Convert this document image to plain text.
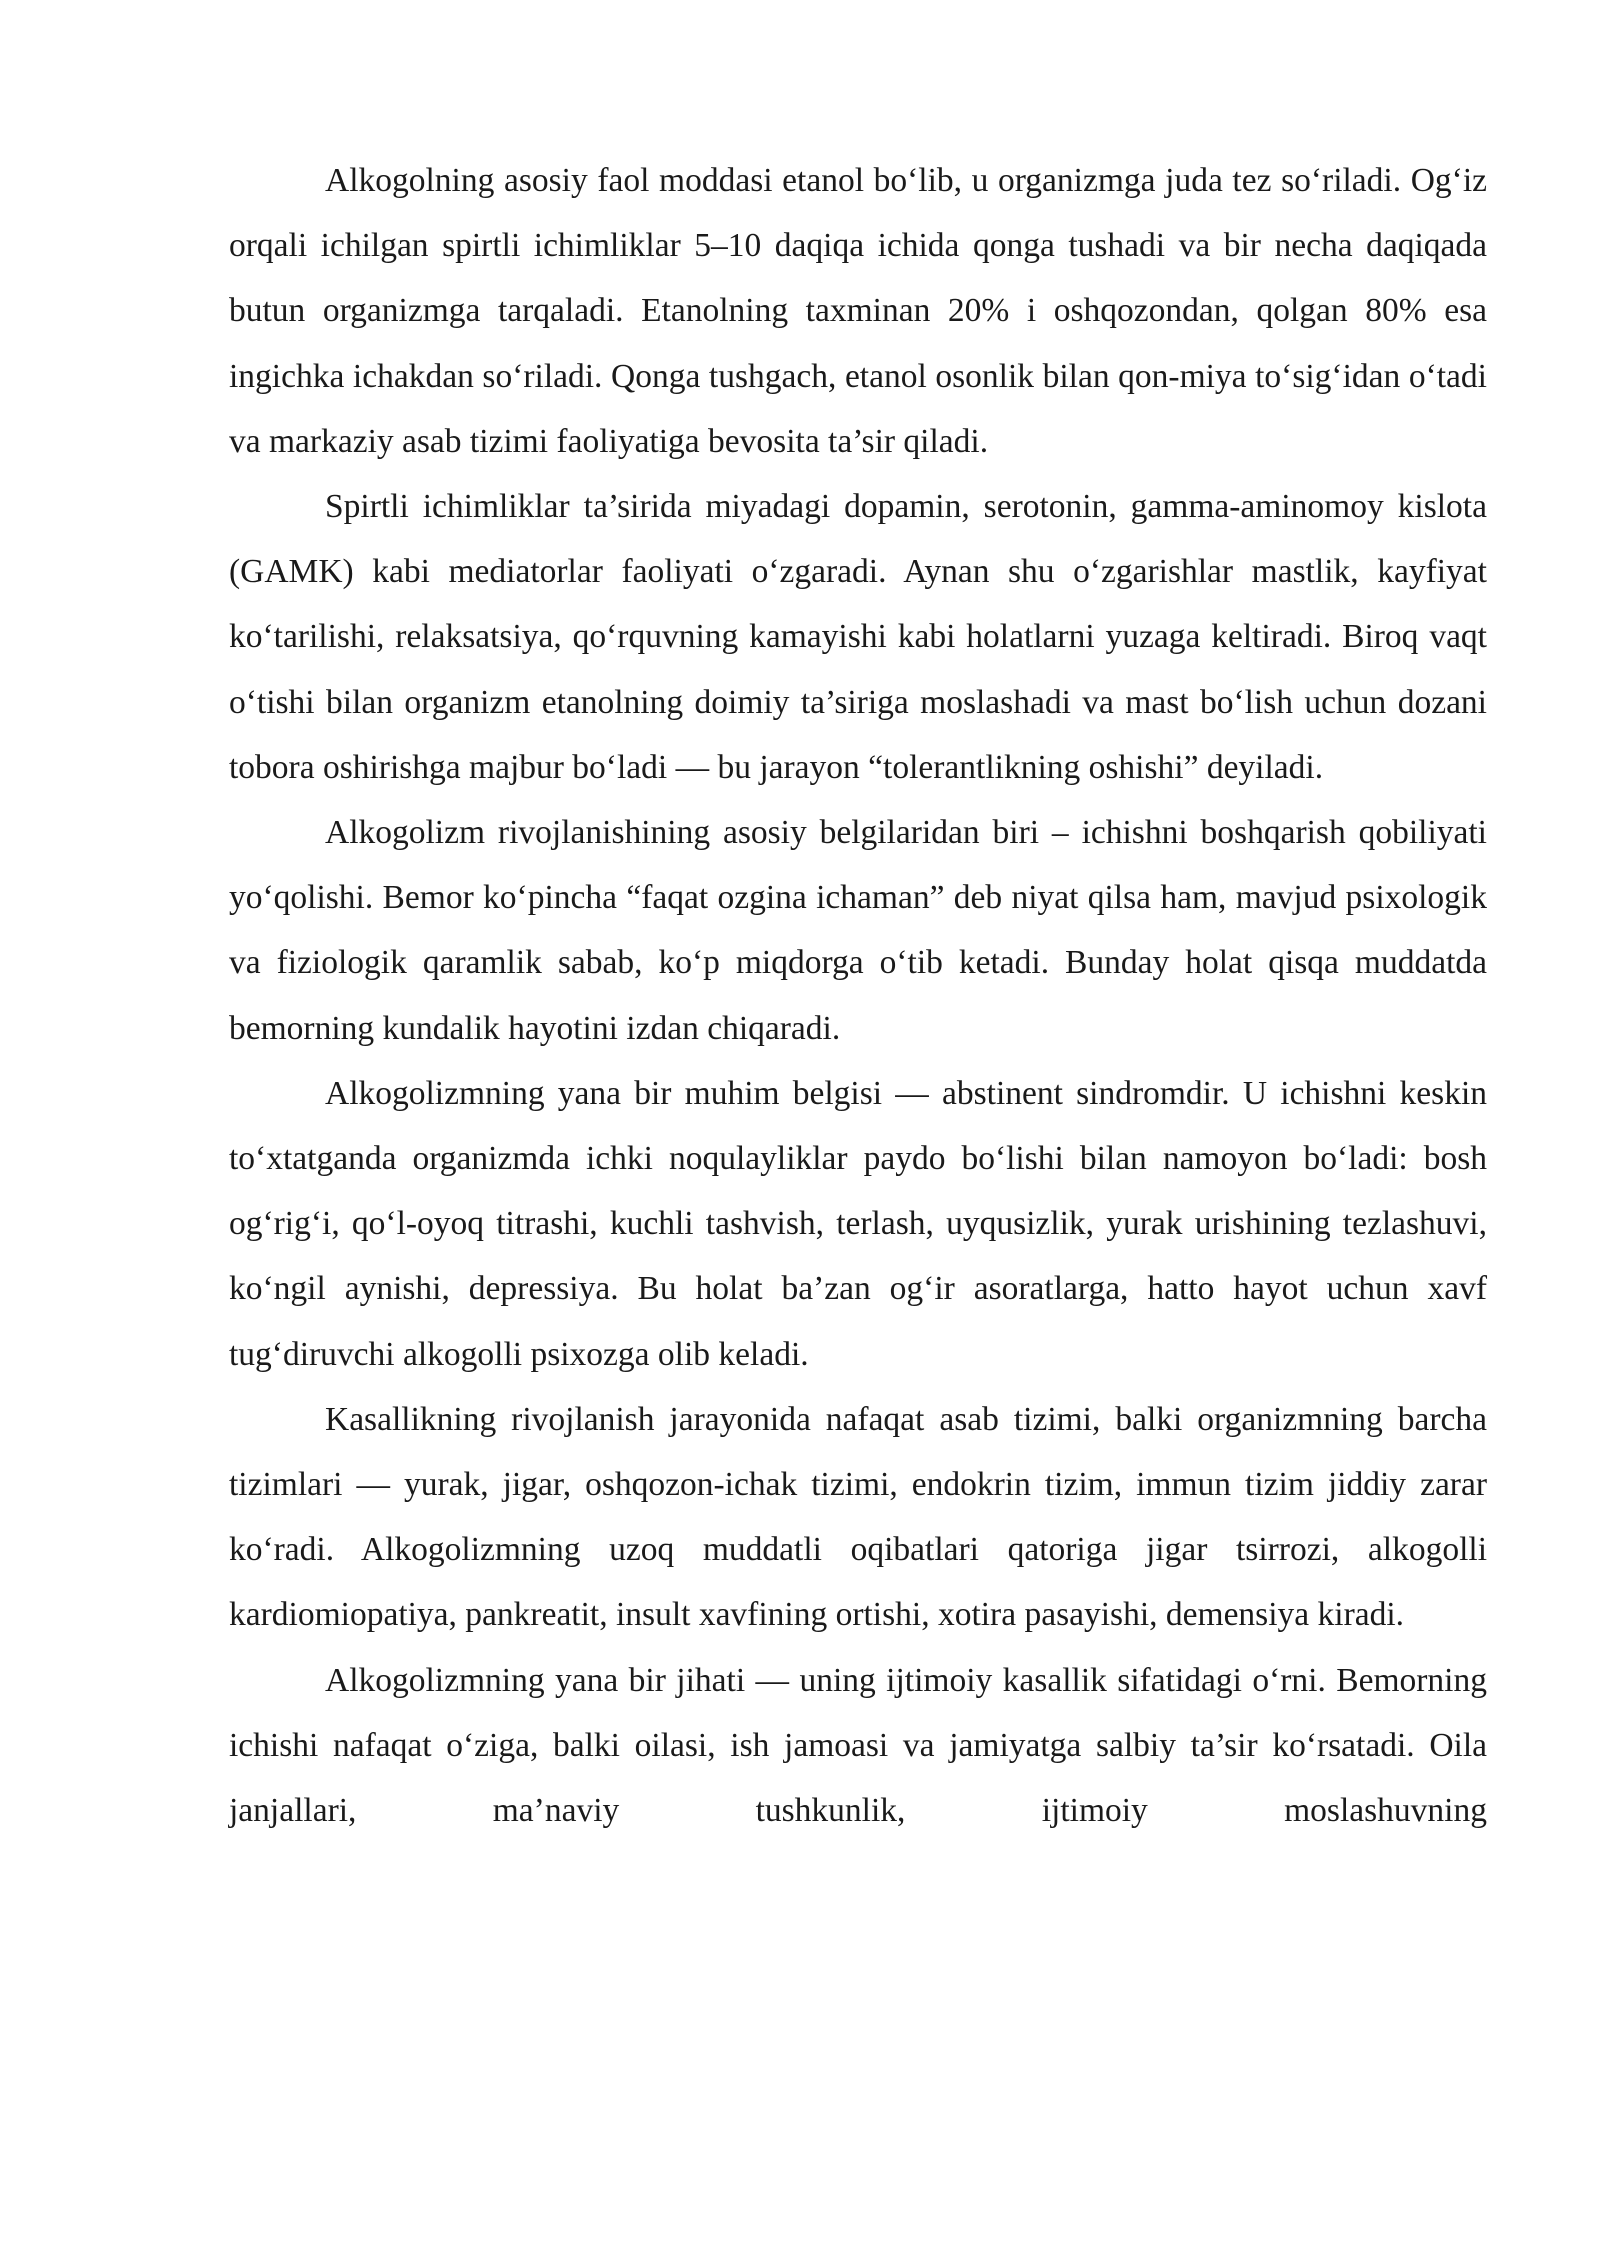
Alkogolning asosiy faol moddasi etanol bo‘lib, u organizmga juda tez so‘riladi. Og‘iz orqali ichilgan spirtli ichimliklar 5–10 daqiqa ichida qonga tushadi va bir necha daqiqada butun organizmga tarqaladi. Etanolning taxminan 20% i oshqozondan, qolgan 80% esa ingichka ichakdan so‘riladi. Qonga tushgach, etanol osonlik bilan qon-miya to‘sig‘idan o‘tadi va markaziy asab tizimi faoliyatiga bevosita ta’sir qiladi.

Spirtli ichimliklar ta’sirida miyadagi dopamin, serotonin, gamma-aminomoy kislota (GAMK) kabi mediatorlar faoliyati o‘zgaradi. Aynan shu o‘zgarishlar mastlik, kayfiyat ko‘tarilishi, relaksatsiya, qo‘rquvning kamayishi kabi holatlarni yuzaga keltiradi. Biroq vaqt o‘tishi bilan organizm etanolning doimiy ta’siriga moslashadi va mast bo‘lish uchun dozani tobora oshirishga majbur bo‘ladi — bu jarayon “tolerantlikning oshishi” deyiladi.

Alkogolizm rivojlanishining asosiy belgilaridan biri – ichishni boshqarish qobiliyati yo‘qolishi. Bemor ko‘pincha “faqat ozgina ichaman” deb niyat qilsa ham, mavjud psixologik va fiziologik qaramlik sabab, ko‘p miqdorga o‘tib ketadi. Bunday holat qisqa muddatda bemorning kundalik hayotini izdan chiqaradi.

Alkogolizmning yana bir muhim belgisi — abstinent sindromdir. U ichishni keskin to‘xtatganda organizmda ichki noqulayliklar paydo bo‘lishi bilan namoyon bo‘ladi: bosh og‘rig‘i, qo‘l-oyoq titrashi, kuchli tashvish, terlash, uyqusizlik, yurak urishining tezlashuvi, ko‘ngil aynishi, depressiya. Bu holat ba’zan og‘ir asoratlarga, hatto hayot uchun xavf tug‘diruvchi alkogolli psixozga olib keladi.

Kasallikning rivojlanish jarayonida nafaqat asab tizimi, balki organizmning barcha tizimlari — yurak, jigar, oshqozon-ichak tizimi, endokrin tizim, immun tizim jiddiy zarar ko‘radi. Alkogolizmning uzoq muddatli oqibatlari qatoriga jigar tsirrozi, alkogolli kardiomiopatiya, pankreatit, insult xavfining ortishi, xotira pasayishi, demensiya kiradi.

Alkogolizmning yana bir jihati — uning ijtimoiy kasallik sifatidagi o‘rni. Bemorning ichishi nafaqat o‘ziga, balki oilasi, ish jamoasi va jamiyatga salbiy ta’sir ko‘rsatadi. Oila janjallari, ma’naviy tushkunlik, ijtimoiy moslashuvning
